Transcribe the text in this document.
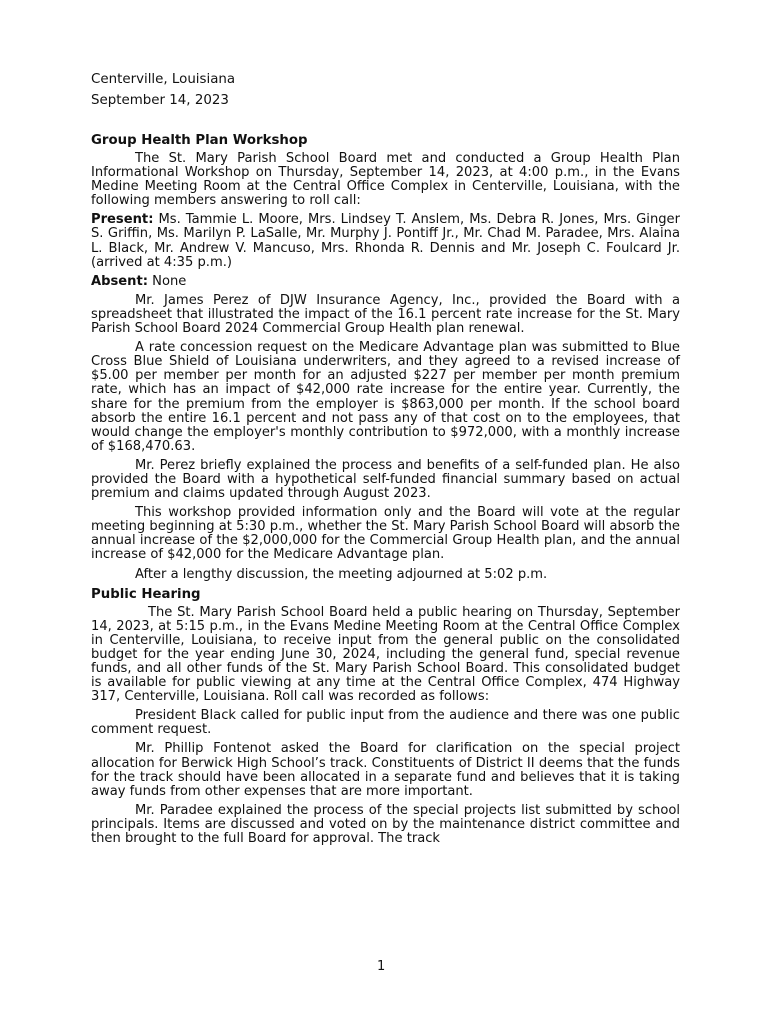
Centerville, Louisiana
September 14, 2023
Group Health Plan Workshop

The St. Mary Parish School Board met and conducted a Group Health Plan Informational Workshop on Thursday, September 14, 2023, at 4:00 p.m., in the Evans Medine Meeting Room at the Central Office Complex in Centerville, Louisiana, with the following members answering to roll call:

Present: Ms. Tammie L. Moore, Mrs. Lindsey T. Anslem, Ms. Debra R. Jones, Mrs. Ginger S. Griffin, Ms. Marilyn P. LaSalle, Mr. Murphy J. Pontiff Jr., Mr. Chad M. Paradee, Mrs. Alaina L. Black, Mr. Andrew V. Mancuso, Mrs. Rhonda R. Dennis and Mr. Joseph C. Foulcard Jr. (arrived at 4:35 p.m.)

Absent: None

Mr. James Perez of DJW Insurance Agency, Inc., provided the Board with a spreadsheet that illustrated the impact of the 16.1 percent rate increase for the St. Mary Parish School Board 2024 Commercial Group Health plan renewal.

A rate concession request on the Medicare Advantage plan was submitted to Blue Cross Blue Shield of Louisiana underwriters, and they agreed to a revised increase of $5.00 per member per month for an adjusted $227 per member per month premium rate, which has an impact of $42,000 rate increase for the entire year. Currently, the share for the premium from the employer is $863,000 per month. If the school board absorb the entire 16.1 percent and not pass any of that cost on to the employees, that would change the employer's monthly contribution to $972,000, with a monthly increase of $168,470.63.

Mr. Perez briefly explained the process and benefits of a self-funded plan. He also provided the Board with a hypothetical self-funded financial summary based on actual premium and claims updated through August 2023.

This workshop provided information only and the Board will vote at the regular meeting beginning at 5:30 p.m., whether the St. Mary Parish School Board will absorb the annual increase of the $2,000,000 for the Commercial Group Health plan, and the annual increase of $42,000 for the Medicare Advantage plan.

After a lengthy discussion, the meeting adjourned at 5:02 p.m.

Public Hearing

The St. Mary Parish School Board held a public hearing on Thursday, September 14, 2023, at 5:15 p.m., in the Evans Medine Meeting Room at the Central Office Complex in Centerville, Louisiana, to receive input from the general public on the consolidated budget for the year ending June 30, 2024, including the general fund, special revenue funds, and all other funds of the St. Mary Parish School Board. This consolidated budget is available for public viewing at any time at the Central Office Complex, 474 Highway 317, Centerville, Louisiana. Roll call was recorded as follows:

President Black called for public input from the audience and there was one public comment request.

Mr. Phillip Fontenot asked the Board for clarification on the special project allocation for Berwick High School’s track. Constituents of District II deems that the funds for the track should have been allocated in a separate fund and believes that it is taking away funds from other expenses that are more important.

Mr. Paradee explained the process of the special projects list submitted by school principals. Items are discussed and voted on by the maintenance district committee and then brought to the full Board for approval. The track

1
